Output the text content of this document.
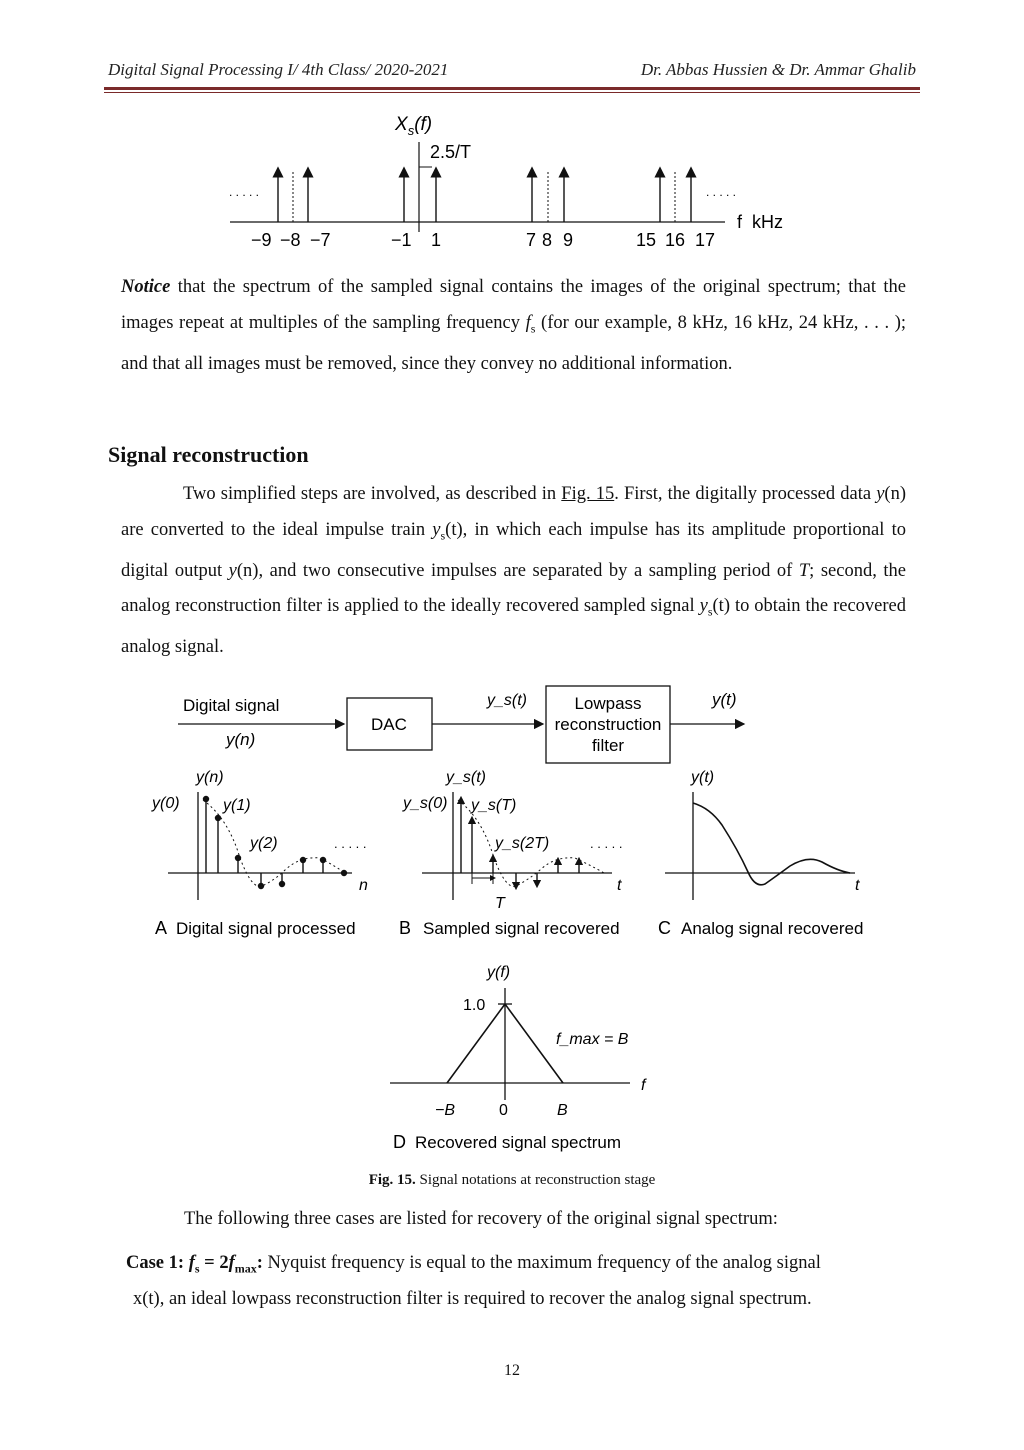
Digital Signal Processing I/ 4th Class/ 2020-2021	Dr. Abbas Hussien & Dr. Ammar Ghalib
$X_s(f)$
2.5/T
. . . . .	. . . . .
f  kHz
−9 −8 −7	−1 1	7 8 9	15 16 17
Notice that the spectrum of the sampled signal contains the images of the original spectrum; that the images repeat at multiples of the sampling frequency $f_s$ (for our example, 8 kHz, 16 kHz, 24 kHz, . . . ); and that all images must be removed, since they convey no additional information.
Signal reconstruction
Two simplified steps are involved, as described in Fig. 15. First, the digitally processed data y(n) are converted to the ideal impulse train $y_s(t)$, in which each impulse has its amplitude proportional to digital output y(n), and two consecutive impulses are separated by a sampling period of T; second, the analog reconstruction filter is applied to the ideally recovered sampled signal $y_s(t)$ to obtain the recovered analog signal.
Digital signal
y(n)
DAC
y_s(t)	Lowpass
reconstruction
filter
y(t)
y(n)
y(0)	y(1)
y(2)	. . . . .
n
A Digital signal processed
y_s(t)
y_s(0) y_s(T)
y_s(2T)	. . . . .
t
T
B Sampled signal recovered
y(t)
t
C Analog signal recovered
y(f)
1.0
f_max = B
f
−B	0	B
D Recovered signal spectrum
Fig. 15. Signal notations at reconstruction stage
The following three cases are listed for recovery of the original signal spectrum:
Case 1: $f_s = 2f_{max}$: Nyquist frequency is equal to the maximum frequency of the analog signal
x(t), an ideal lowpass reconstruction filter is required to recover the analog signal spectrum.
12
